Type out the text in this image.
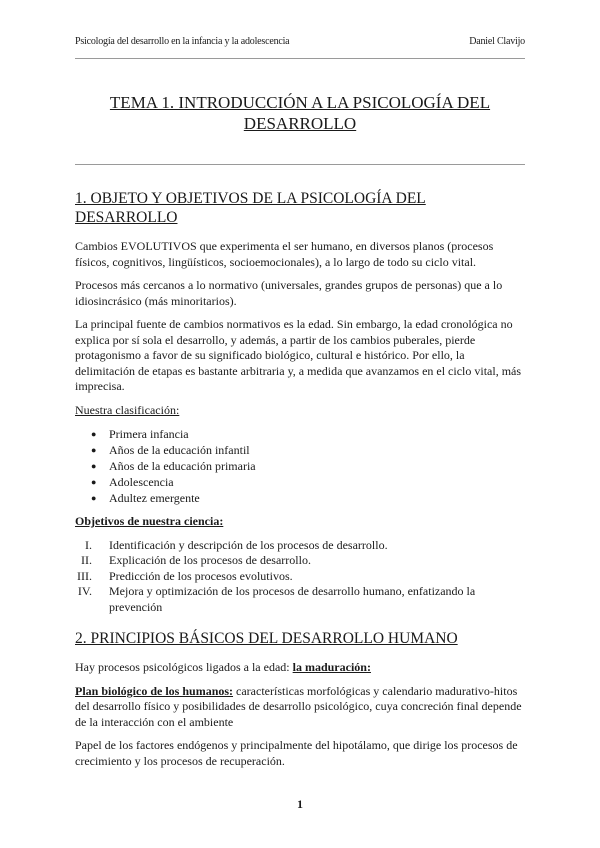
Psicología del desarrollo en la infancia y la adolescencia	Daniel Clavijo
TEMA 1. INTRODUCCIÓN A LA PSICOLOGÍA DEL DESARROLLO
1. OBJETO Y OBJETIVOS DE LA PSICOLOGÍA DEL DESARROLLO

Cambios EVOLUTIVOS que experimenta el ser humano, en diversos planos (procesos físicos, cognitivos, lingüísticos, socioemocionales), a lo largo de todo su ciclo vital.

Procesos más cercanos a lo normativo (universales, grandes grupos de personas) que a lo idiosincrásico (más minoritarios).

La principal fuente de cambios normativos es la edad. Sin embargo, la edad cronológica no explica por sí sola el desarrollo, y además, a partir de los cambios puberales, pierde protagonismo a favor de su significado biológico, cultural e histórico. Por ello, la delimitación de etapas es bastante arbitraria y, a medida que avanzamos en el ciclo vital, más imprecisa.

Nuestra clasificación:

● Primera infancia
● Años de la educación infantil
● Años de la educación primaria
● Adolescencia
● Adultez emergente

Objetivos de nuestra ciencia:

I. Identificación y descripción de los procesos de desarrollo.
II. Explicación de los procesos de desarrollo.
III. Predicción de los procesos evolutivos.
IV. Mejora y optimización de los procesos de desarrollo humano, enfatizando la prevención
2. PRINCIPIOS BÁSICOS DEL DESARROLLO HUMANO

Hay procesos psicológicos ligados a la edad: la maduración:

Plan biológico de los humanos: características morfológicas y calendario madurativo-hitos del desarrollo físico y posibilidades de desarrollo psicológico, cuya concreción final depende de la interacción con el ambiente

Papel de los factores endógenos y principalmente del hipotálamo, que dirige los procesos de crecimiento y los procesos de recuperación.

1
